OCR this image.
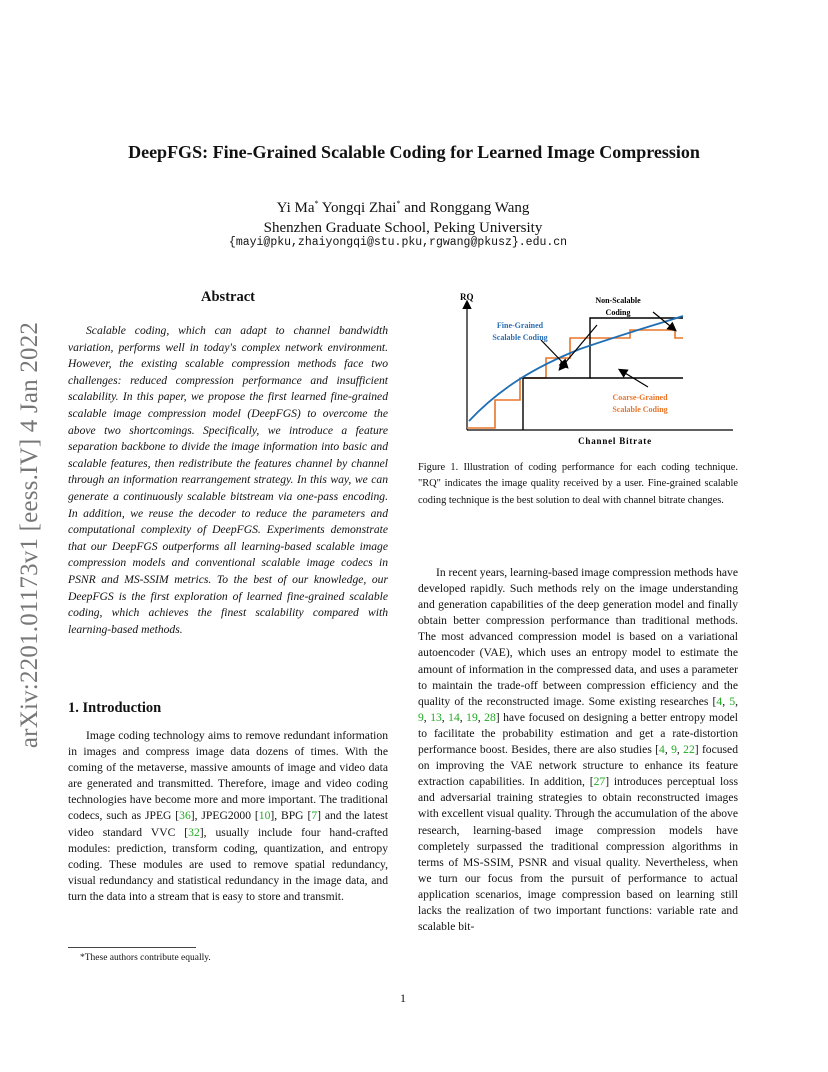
DeepFGS: Fine-Grained Scalable Coding for Learned Image Compression
Yi Ma* Yongqi Zhai* and Ronggang Wang
Shenzhen Graduate School, Peking University
{mayi@pku,zhaiyongqi@stu.pku,rgwang@pkusz}.edu.cn
arXiv:2201.01173v1 [eess.IV] 4 Jan 2022
Abstract

Scalable coding, which can adapt to channel bandwidth variation, performs well in today's complex network environment. However, the existing scalable compression methods face two challenges: reduced compression performance and insufficient scalability. In this paper, we propose the first learned fine-grained scalable image compression model (DeepFGS) to overcome the above two shortcomings. Specifically, we introduce a feature separation backbone to divide the image information into basic and scalable features, then redistribute the features channel by channel through an information rearrangement strategy. In this way, we can generate a continuously scalable bitstream via one-pass encoding. In addition, we reuse the decoder to reduce the parameters and computational complexity of DeepFGS. Experiments demonstrate that our DeepFGS outperforms all learning-based scalable image compression models and conventional scalable image codecs in PSNR and MS-SSIM metrics. To the best of our knowledge, our DeepFGS is the first exploration of learned fine-grained scalable coding, which achieves the finest scalability compared with learning-based methods.

1. Introduction

Image coding technology aims to remove redundant information in images and compress image data dozens of times. With the coming of the metaverse, massive amounts of image and video data are generated and transmitted. Therefore, image and video coding technologies have become more and more important. The traditional codecs, such as JPEG [36], JPEG2000 [10], BPG [7] and the latest video standard VVC [32], usually include four hand-crafted modules: prediction, transform coding, quantization, and entropy coding. These modules are used to remove spatial redundancy, visual redundancy and statistical redundancy in the image data, and turn the data into a stream that is easy to store and transmit.

*These authors contribute equally.
RQ
Channel Bitrate
Non-Scalable
Coding
Fine-Grained
Scalable Coding
Coarse-Grained
Scalable Coding
Figure 1. Illustration of coding performance for each coding technique. "RQ" indicates the image quality received by a user. Fine-grained scalable coding technique is the best solution to deal with channel bitrate changes.

In recent years, learning-based image compression methods have developed rapidly. Such methods rely on the image understanding and generation capabilities of the deep generation model and finally obtain better compression performance than traditional methods. The most advanced compression model is based on a variational autoencoder (VAE), which uses an entropy model to estimate the amount of information in the compressed data, and uses a parameter to maintain the trade-off between compression efficiency and the quality of the reconstructed image. Some existing researches [4, 5, 9, 13, 14, 19, 28] have focused on designing a better entropy model to facilitate the probability estimation and get a rate-distortion performance boost. Besides, there are also studies [4, 9, 22] focused on improving the VAE network structure to enhance its feature extraction capabilities. In addition, [27] introduces perceptual loss and adversarial training strategies to obtain reconstructed images with excellent visual quality. Through the accumulation of the above research, learning-based image compression models have completely surpassed the traditional compression algorithms in terms of MS-SSIM, PSNR and visual quality. Nevertheless, when we turn our focus from the pursuit of performance to actual application scenarios, image compression based on learning still lacks the realization of two important functions: variable rate and scalable bit-

1
